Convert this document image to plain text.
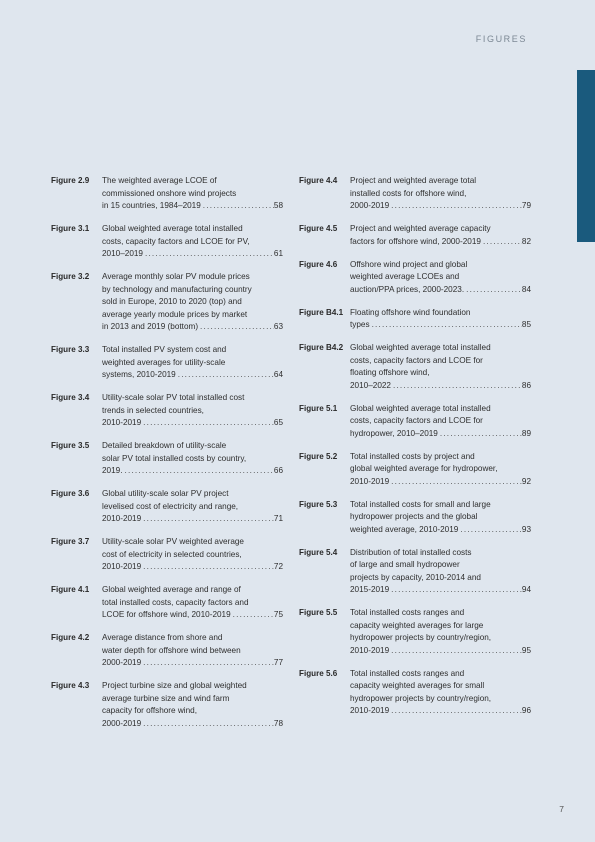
FIGURES
Figure 2.9	The weighted average LCOE of
commissioned onshore wind projects
in 15 countries, 1984–2019 .....	58
Figure 3.1	Global weighted average total installed
costs, capacity factors and LCOE for PV,
2010–2019 .....	61
Figure 3.2	Average monthly solar PV module prices
by technology and manufacturing country
sold in Europe, 2010 to 2020 (top) and
average yearly module prices by market
in 2013 and 2019 (bottom) .....	63
Figure 3.3	Total installed PV system cost and
weighted averages for utility-scale
systems, 2010-2019 .....	64
Figure 3.4	Utility-scale solar PV total installed cost
trends in selected countries,
2010-2019 .....	65
Figure 3.5	Detailed breakdown of utility-scale
solar PV total installed costs by country,
2019. .....	66
Figure 3.6	Global utility-scale solar PV project
levelised cost of electricity and range,
2010-2019 .....	71
Figure 3.7	Utility-scale solar PV weighted average
cost of electricity in selected countries,
2010-2019 .....	72
Figure 4.1	Global weighted average and range of
total installed costs, capacity factors and
LCOE for offshore wind, 2010-2019 .....	75
Figure 4.2	Average distance from shore and
water depth for offshore wind between
2000-2019 .....	77
Figure 4.3	Project turbine size and global weighted
average turbine size and wind farm
capacity for offshore wind,
2000-2019 .....	78
Figure 4.4	Project and weighted average total
installed costs for offshore wind,
2000-2019 .....	79
Figure 4.5	Project and weighted average capacity
factors for offshore wind, 2000-2019 .....	82
Figure 4.6	Offshore wind project and global
weighted average LCOEs and
auction/PPA prices, 2000-2023. .....	84
Figure B4.1 Floating offshore wind foundation
types .....	85
Figure B4.2 Global weighted average total installed
costs, capacity factors and LCOE for
floating offshore wind,
2010–2022 .....	86
Figure 5.1	Global weighted average total installed
costs, capacity factors and LCOE for
hydropower, 2010–2019 .....	89
Figure 5.2	Total installed costs by project and
global weighted average for hydropower,
2010-2019 .....	92
Figure 5.3	Total installed costs for small and large
hydropower projects and the global
weighted average, 2010-2019 .....	93
Figure 5.4	Distribution of total installed costs
of large and small hydropower
projects by capacity, 2010-2014 and
2015-2019 .....	94
Figure 5.5	Total installed costs ranges and
capacity weighted averages for large
hydropower projects by country/region,
2010-2019 .....	95
Figure 5.6	Total installed costs ranges and
capacity weighted averages for small
hydropower projects by country/region,
2010-2019 .....	96
7
